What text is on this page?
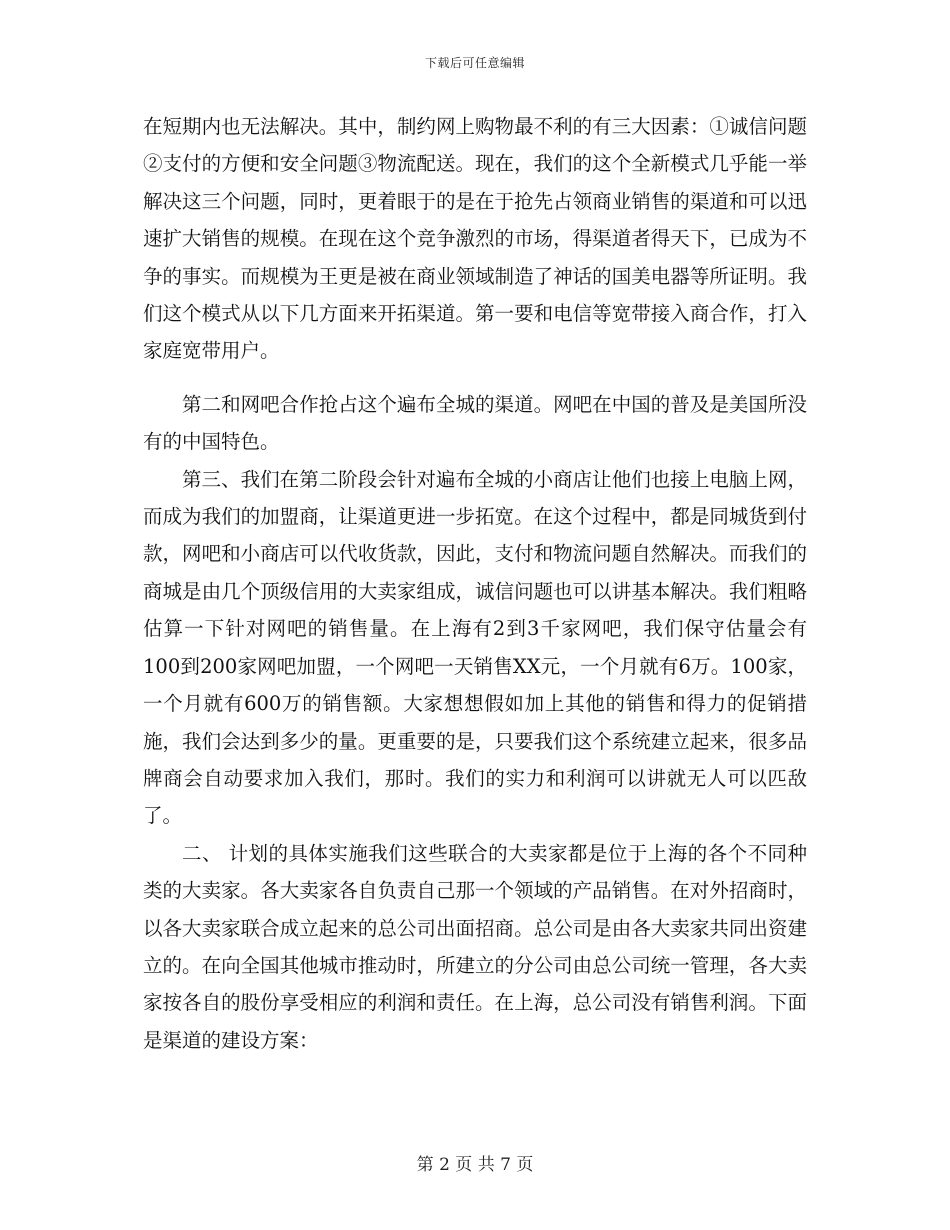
下载后可任意编辑

在短期内也无法解决。其中，制约网上购物最不利的有三大因素：①诚信问题②支付的方便和安全问题③物流配送。现在，我们的这个全新模式几乎能一举解决这三个问题，同时，更着眼于的是在于抢先占领商业销售的渠道和可以迅速扩大销售的规模。在现在这个竞争激烈的市场，得渠道者得天下，已成为不争的事实。而规模为王更是被在商业领域制造了神话的国美电器等所证明。我们这个模式从以下几方面来开拓渠道。第一要和电信等宽带接入商合作，打入家庭宽带用户。

第二和网吧合作抢占这个遍布全城的渠道。网吧在中国的普及是美国所没有的中国特色。

第三、我们在第二阶段会针对遍布全城的小商店让他们也接上电脑上网，而成为我们的加盟商，让渠道更进一步拓宽。在这个过程中，都是同城货到付款，网吧和小商店可以代收货款，因此，支付和物流问题自然解决。而我们的商城是由几个顶级信用的大卖家组成，诚信问题也可以讲基本解决。我们粗略估算一下针对网吧的销售量。在上海有2到3千家网吧，我们保守估量会有100到200家网吧加盟，一个网吧一天销售XX元，一个月就有6万。100家，一个月就有600万的销售额。大家想想假如加上其他的销售和得力的促销措施，我们会达到多少的量。更重要的是，只要我们这个系统建立起来，很多品牌商会自动要求加入我们，那时。我们的实力和利润可以讲就无人可以匹敌了。

二、 计划的具体实施我们这些联合的大卖家都是位于上海的各个不同种类的大卖家。各大卖家各自负责自己那一个领域的产品销售。在对外招商时，以各大卖家联合成立起来的总公司出面招商。总公司是由各大卖家共同出资建立的。在向全国其他城市推动时，所建立的分公司由总公司统一管理，各大卖家按各自的股份享受相应的利润和责任。在上海，总公司没有销售利润。下面是渠道的建设方案：

第 2 页 共 7 页
